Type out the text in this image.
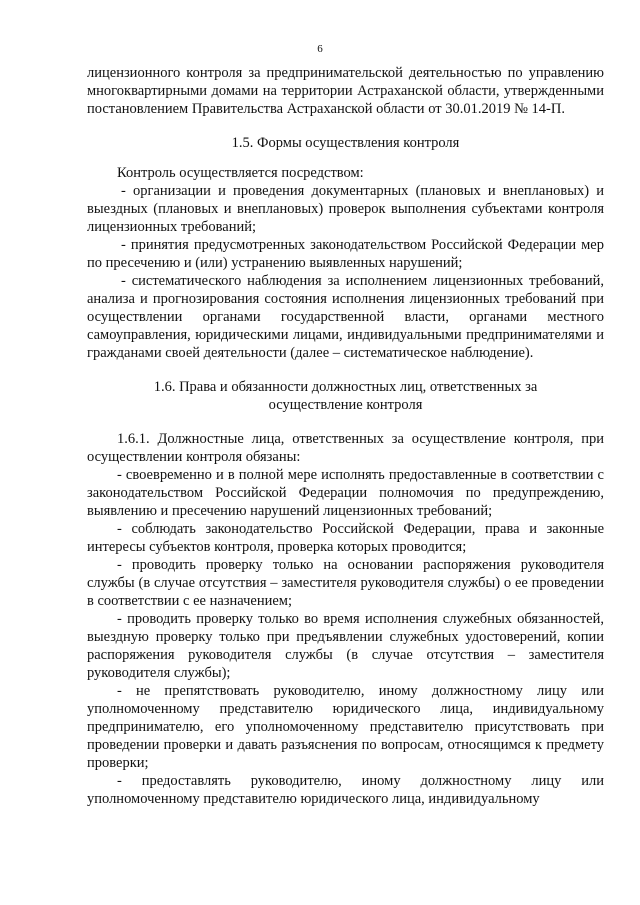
6

лицензионного контроля за предпринимательской деятельностью по управлению многоквартирными домами на территории Астраханской области, утвержденными постановлением Правительства Астраханской области от 30.01.2019 № 14-П.

1.5. Формы осуществления контроля

Контроль осуществляется посредством:

- организации и проведения документарных (плановых и внеплановых) и выездных (плановых и внеплановых) проверок выполнения субъектами контроля лицензионных требований;

- принятия предусмотренных законодательством Российской Федерации мер по пресечению и (или) устранению выявленных нарушений;

- систематического наблюдения за исполнением лицензионных требований, анализа и прогнозирования состояния исполнения лицензионных требований при осуществлении органами государственной власти, органами местного самоуправления, юридическими лицами, индивидуальными предпринимателями и гражданами своей деятельности (далее – систематическое наблюдение).

1.6. Права и обязанности должностных лиц, ответственных за осуществление контроля

1.6.1. Должностные лица, ответственных за осуществление контроля, при осуществлении контроля обязаны:

- своевременно и в полной мере исполнять предоставленные в соответствии с законодательством Российской Федерации полномочия по предупреждению, выявлению и пресечению нарушений лицензионных требований;

- соблюдать законодательство Российской Федерации, права и законные интересы субъектов контроля, проверка которых проводится;

- проводить проверку только на основании распоряжения руководителя службы (в случае отсутствия – заместителя руководителя службы) о ее проведении в соответствии с ее назначением;

- проводить проверку только во время исполнения служебных обязанностей, выездную проверку только при предъявлении служебных удостоверений, копии распоряжения руководителя службы (в случае отсутствия – заместителя руководителя службы);

- не препятствовать руководителю, иному должностному лицу или уполномоченному представителю юридического лица, индивидуальному предпринимателю, его уполномоченному представителю присутствовать при проведении проверки и давать разъяснения по вопросам, относящимся к предмету проверки;

- предоставлять руководителю, иному должностному лицу или уполномоченному представителю юридического лица, индивидуальному
